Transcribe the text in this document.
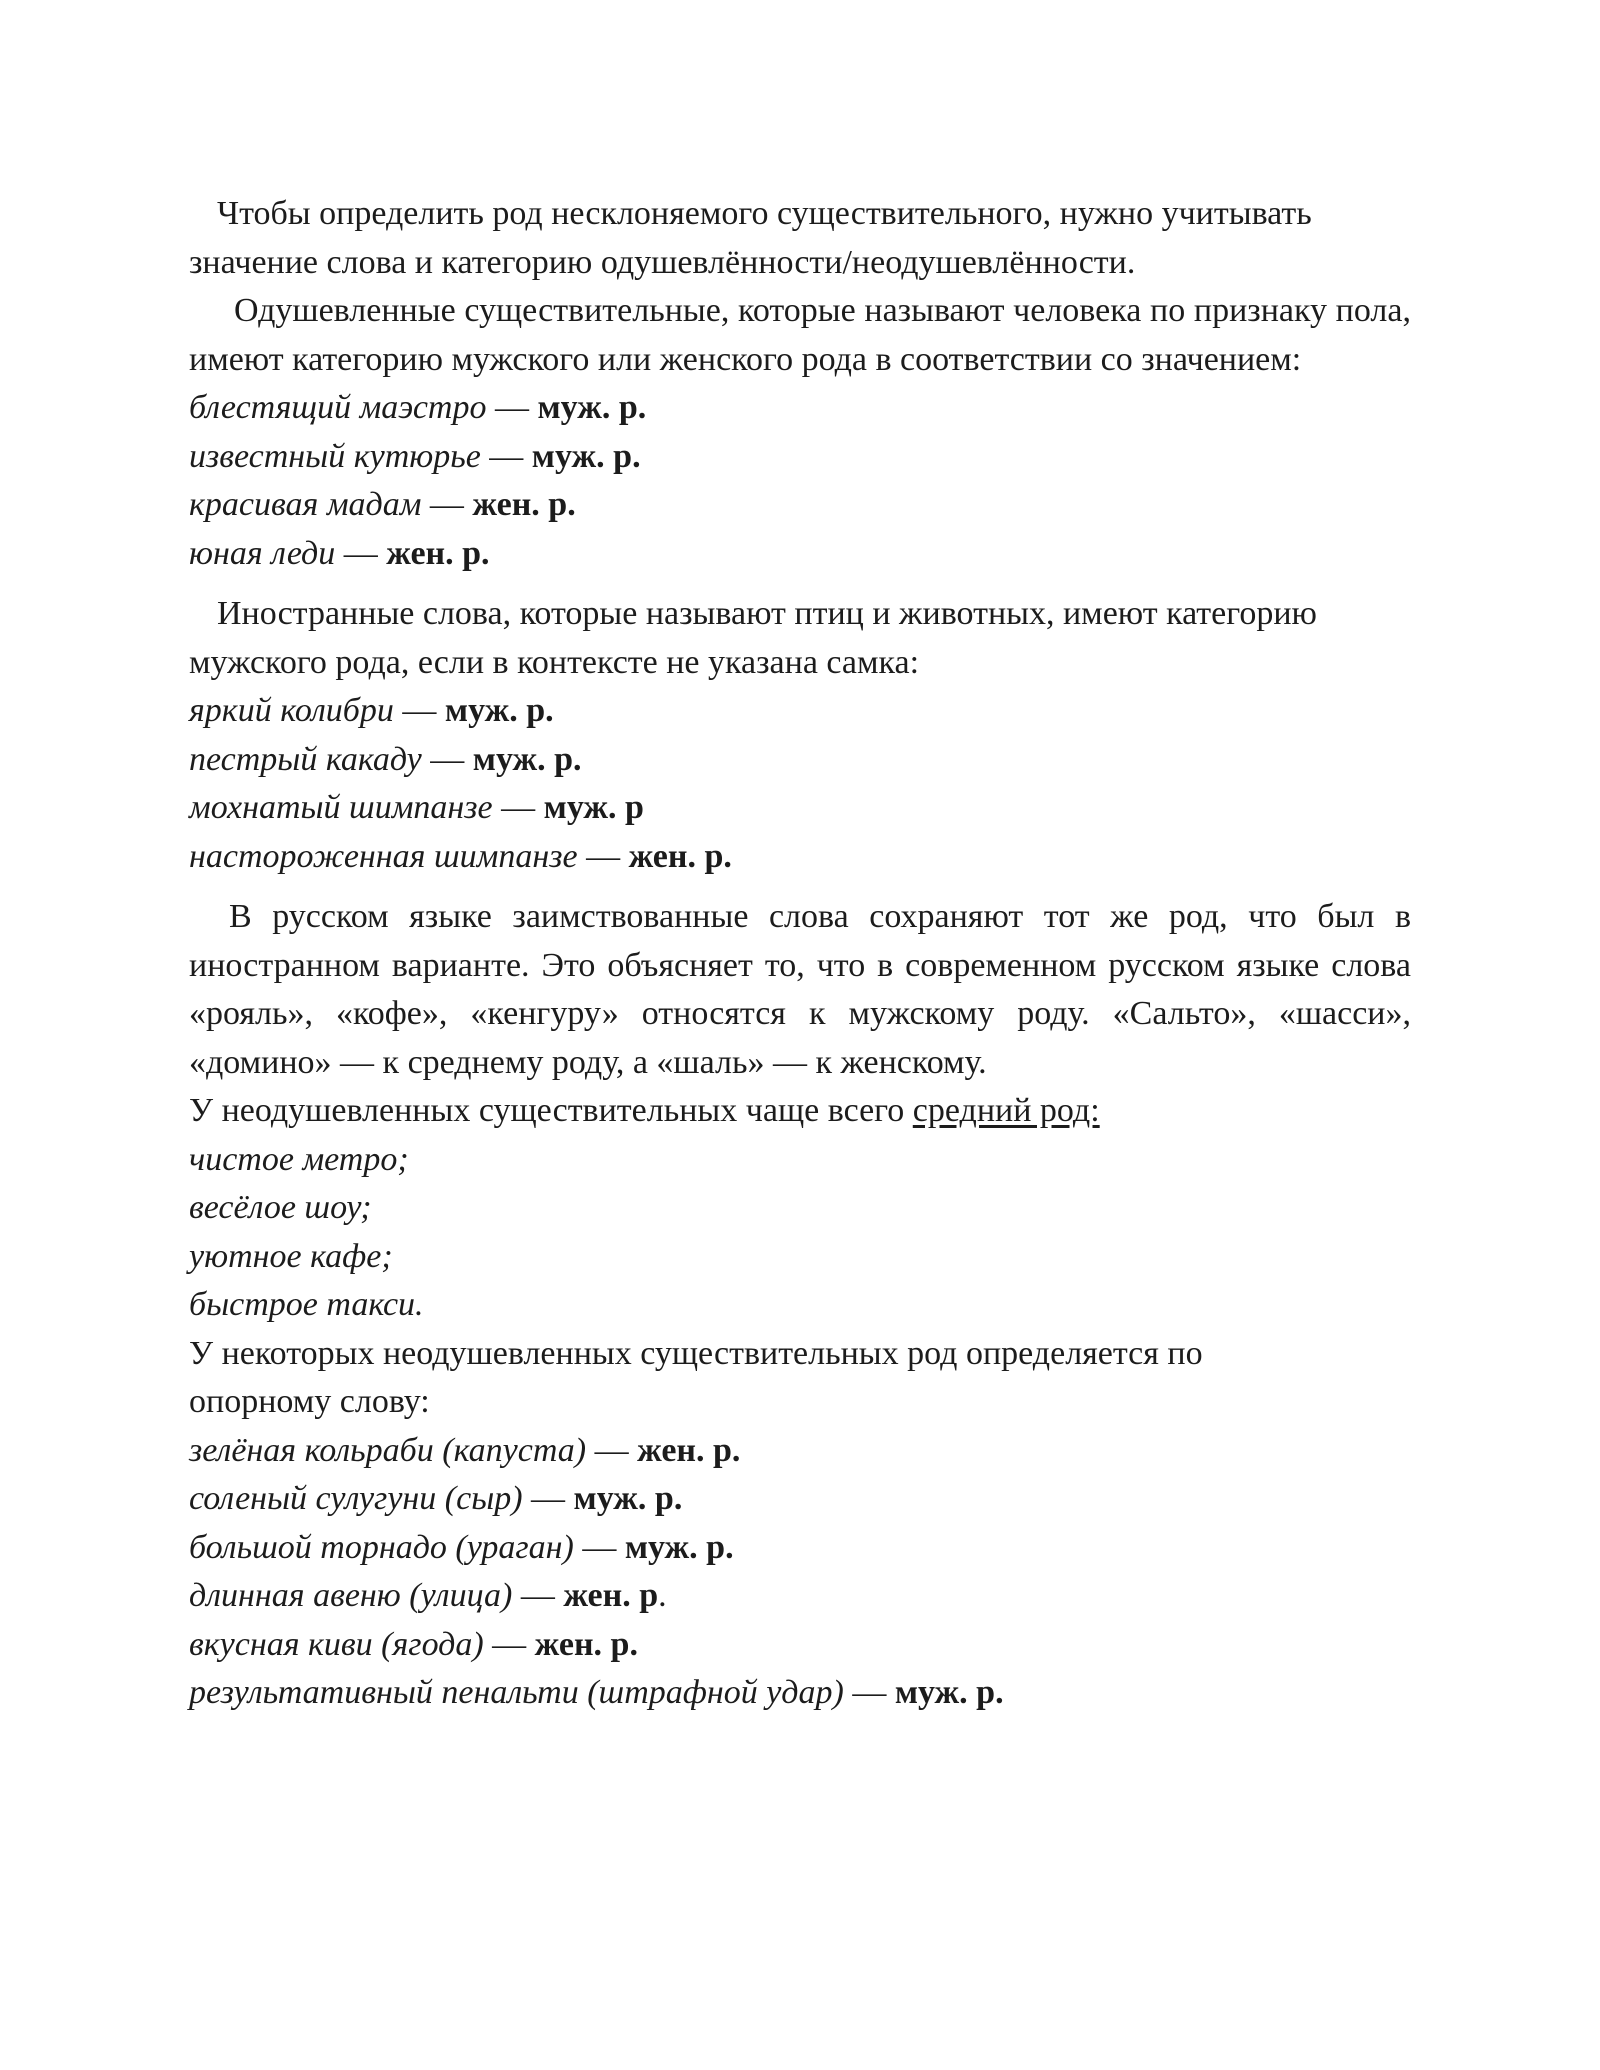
Чтобы определить род несклоняемого существительного, нужно учитывать значение слова и категорию одушевлённости/неодушевлённости.

Одушевленные существительные, которые называют человека по признаку пола, имеют категорию мужского или женского рода в соответствии со значением:

блестящий маэстро — муж. р.

известный кутюрье — муж. р.

красивая мадам — жен. р.

юная леди — жен. р.

Иностранные слова, которые называют птиц и животных, имеют категорию мужского рода, если в контексте не указана самка:

яркий колибри — муж. р.

пестрый какаду — муж. р.

мохнатый шимпанзе — муж. р

настороженная шимпанзе — жен. р.

В русском языке заимствованные слова сохраняют тот же род, что был в иностранном варианте. Это объясняет то, что в современном русском языке слова «рояль», «кофе», «кенгуру» относятся к мужскому роду. «Сальто», «шасси», «домино» — к среднему роду, а «шаль» — к женскому.

У неодушевленных существительных чаще всего средний род:

чистое метро;

весёлое шоу;

уютное кафе;

быстрое такси.

У некоторых неодушевленных существительных род определяется по опорному слову:

зелёная кольраби (капуста) — жен. р.

соленый сулугуни (сыр) — муж. р.

большой торнадо (ураган) — муж. р.

длинная авеню (улица) — жен. р.

вкусная киви (ягода) — жен. р.

результативный пенальти (штрафной удар) — муж. р.
